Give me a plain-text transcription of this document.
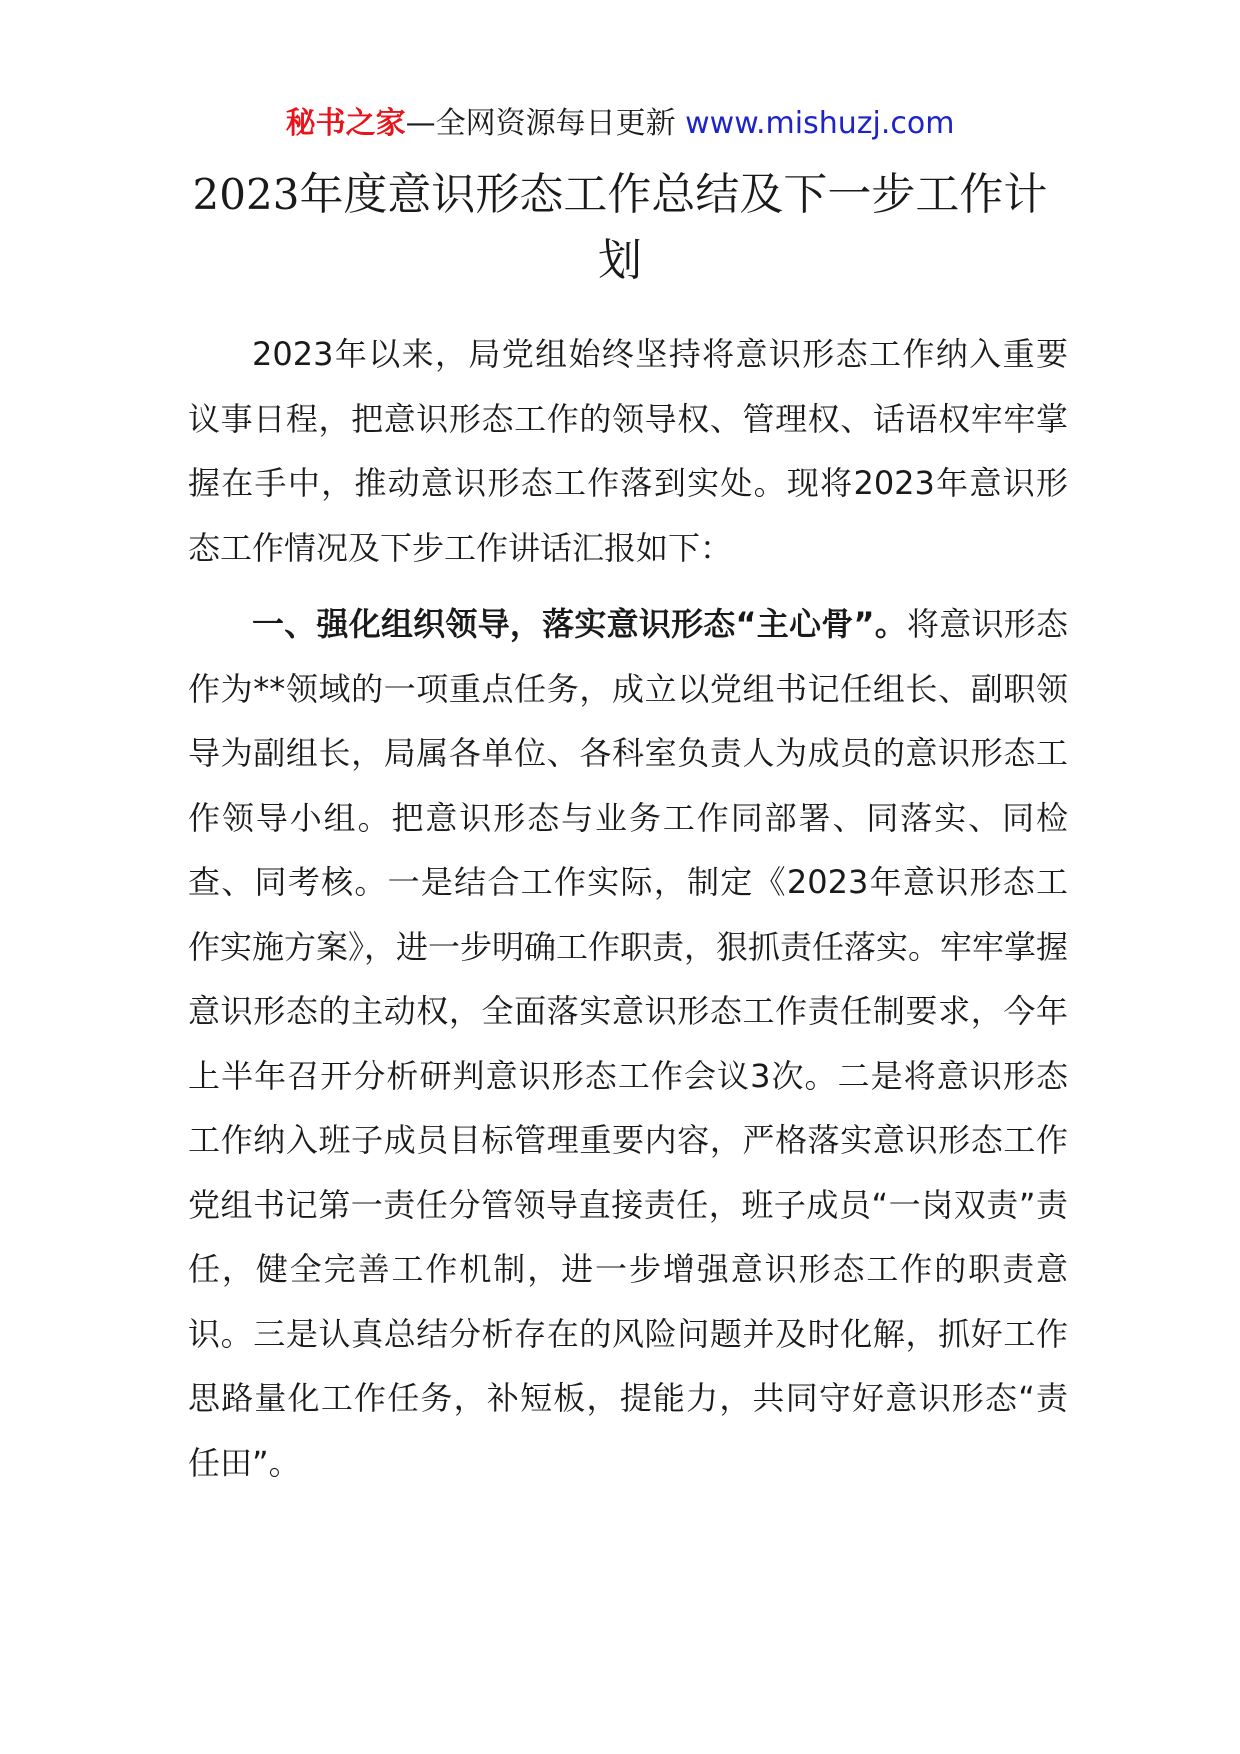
秘书之家—全网资源每日更新 www.mishuzj.com
2023年度意识形态工作总结及下一步工作计划

2023年以来，局党组始终坚持将意识形态工作纳入重要议事日程，把意识形态工作的领导权、管理权、话语权牢牢掌握在手中，推动意识形态工作落到实处。现将2023年意识形态工作情况及下步工作讲话汇报如下：

一、强化组织领导，落实意识形态“主心骨”。将意识形态作为**领域的一项重点任务，成立以党组书记任组长、副职领导为副组长，局属各单位、各科室负责人为成员的意识形态工作领导小组。把意识形态与业务工作同部署、同落实、同检查、同考核。一是结合工作实际，制定《2023年意识形态工作实施方案》，进一步明确工作职责，狠抓责任落实。牢牢掌握意识形态的主动权，全面落实意识形态工作责任制要求，今年上半年召开分析研判意识形态工作会议3次。二是将意识形态工作纳入班子成员目标管理重要内容，严格落实意识形态工作党组书记第一责任分管领导直接责任，班子成员“一岗双责”责任，健全完善工作机制，进一步增强意识形态工作的职责意识。三是认真总结分析存在的风险问题并及时化解，抓好工作思路量化工作任务，补短板，提能力，共同守好意识形态“责任田”。
